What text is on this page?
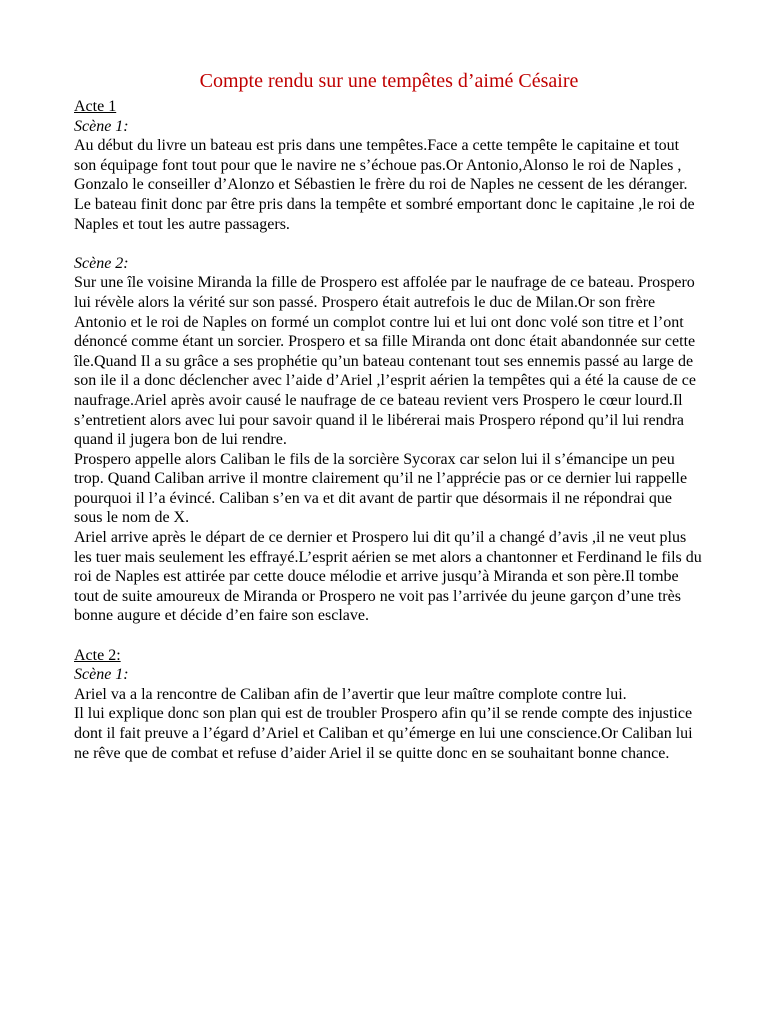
Compte rendu sur une tempêtes d’aimé Césaire
Acte 1
Scène 1:
Au début du livre un bateau est pris dans une tempêtes.Face a cette tempête le capitaine et tout son équipage font tout pour que le navire ne s’échoue pas.Or Antonio,Alonso le roi de Naples , Gonzalo le conseiller d’Alonzo et Sébastien le frère du roi de Naples ne cessent de les déranger. Le bateau finit donc par être pris dans la tempête et sombré emportant donc le capitaine ,le roi de Naples et tout les autre passagers.
Scène 2:
Sur une île voisine Miranda la fille de Prospero est affolée par le naufrage de ce bateau. Prospero lui révèle alors la vérité sur son passé. Prospero était autrefois le duc de Milan.Or son frère Antonio et le roi de Naples on formé un complot contre lui et lui ont donc volé son titre et l’ont dénoncé comme étant un sorcier. Prospero et sa fille Miranda ont donc était abandonnée sur cette île.Quand Il a su grâce a ses prophétie qu’un bateau contenant tout ses ennemis passé au large de son ile il a donc déclencher avec l’aide d’Ariel ,l’esprit aérien la tempêtes qui a été la cause de ce naufrage.Ariel après avoir causé le naufrage de ce bateau revient vers Prospero le cœur lourd.Il s’entretient alors avec lui pour savoir quand il le libérerai mais Prospero répond qu’il lui rendra quand il jugera bon de lui rendre.
Prospero appelle alors Caliban le fils de la sorcière Sycorax car selon lui il s’émancipe un peu trop. Quand Caliban arrive il montre clairement qu’il ne l’apprécie pas or ce dernier lui rappelle pourquoi il l’a évincé. Caliban s’en va et dit avant de partir que désormais il ne répondrai que sous le nom de X.
Ariel arrive après le départ de ce dernier et Prospero lui dit qu’il a changé d’avis ,il ne veut plus les tuer mais seulement les effrayé.L’esprit aérien se met alors a chantonner et Ferdinand le fils du roi de Naples est attirée par cette douce mélodie et arrive jusqu’à Miranda et son père.Il tombe tout de suite amoureux de Miranda or Prospero ne voit pas l’arrivée du jeune garçon d’une très bonne augure et décide d’en faire son esclave.
Acte 2:
Scène 1:
Ariel va a la rencontre de Caliban afin de l’avertir que leur maître complote contre lui.
Il lui explique donc son plan qui est de troubler Prospero afin qu’il se rende compte des injustice dont il fait preuve a l’égard d’Ariel et Caliban et qu’émerge en lui une conscience.Or Caliban lui ne rêve que de combat et refuse d’aider Ariel il se quitte donc en se souhaitant bonne chance.
